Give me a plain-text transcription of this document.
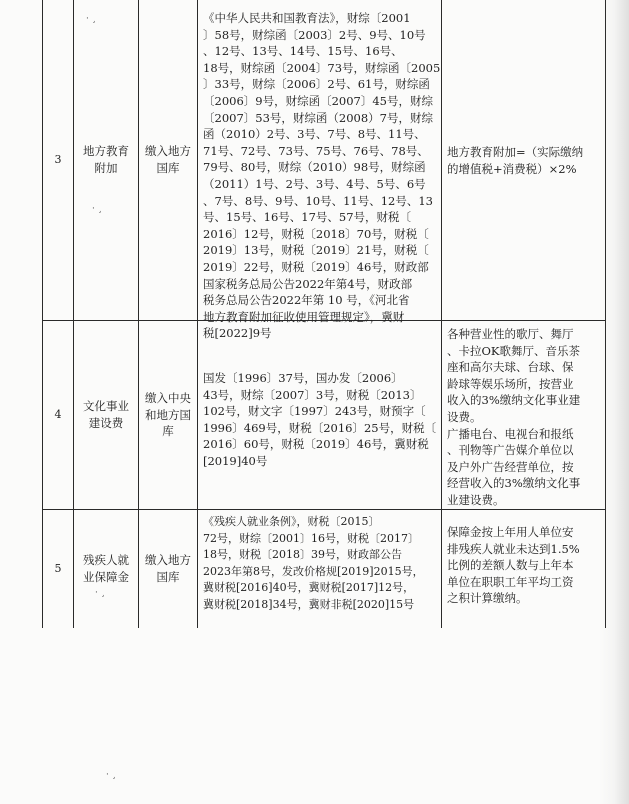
3
地方教育
附加
缴入地方
国库
《中华人民共和国教育法》，财综〔2001
〕58号，财综函〔2003〕2号、9号、10号
、12号、13号、14号、15号、16号、
18号，财综函〔2004〕73号，财综函〔2005
〕33号，财综〔2006〕2号、61号，财综函
〔2006〕9号，财综函〔2007〕45号，财综
〔2007〕53号，财综函（2008）7号，财综
函（2010）2号、3号、7号、8号、11号、
71号、72号、73号、75号、76号、78号、
79号、80号，财综（2010）98号，财综函
（2011）1号、2号、3号、4号、5号、6号
、7号、8号、9号、10号、11号、12号、13
号、15号、16号、17号、57号，财税〔
2016〕12号，财税〔2018〕70号，财税〔
2019〕13号，财税〔2019〕21号，财税〔
2019〕22号，财税〔2019〕46号，财政部
国家税务总局公告2022年第4号，财政部
税务总局公告2022年第 10 号，《河北省
地方教育附加征收使用管理规定》，冀财
税[2022]9号
地方教育附加=（实际缴纳
的增值税+消费税）×2%
4
文化事业
建设费
缴入中央
和地方国
库
国发〔1996〕37号，国办发〔2006〕
43号，财综〔2007〕3号，财税〔2013〕
102号，财文字〔1997〕243号，财预字〔
1996〕469号，财税〔2016〕25号，财税〔
2016〕60号，财税〔2019〕46号，冀财税
[2019]40号
各种营业性的歌厅、舞厅
、卡拉OK歌舞厅、音乐茶
座和高尔夫球、台球、保
龄球等娱乐场所，按营业
收入的3%缴纳文化事业建
设费。
广播电台、电视台和报纸
、刊物等广告媒介单位以
及户外广告经营单位，按
经营收入的3%缴纳文化事
业建设费。
5
残疾人就
业保障金
缴入地方
国库
《残疾人就业条例》，财税〔2015〕
72号，财综〔2001〕16号，财税〔2017〕
18号，财税〔2018〕39号，财政部公告
2023年第8号，发改价格规[2019]2015号，
冀财税[2016]40号，冀财税[2017]12号，
冀财税[2018]34号，冀财非税[2020]15号
保障金按上年用人单位安
排残疾人就业未达到1.5%
比例的差额人数与上年本
单位在职职工年平均工资
之积计算缴纳。
· ¸
· ¸
· ¸
· ¸
